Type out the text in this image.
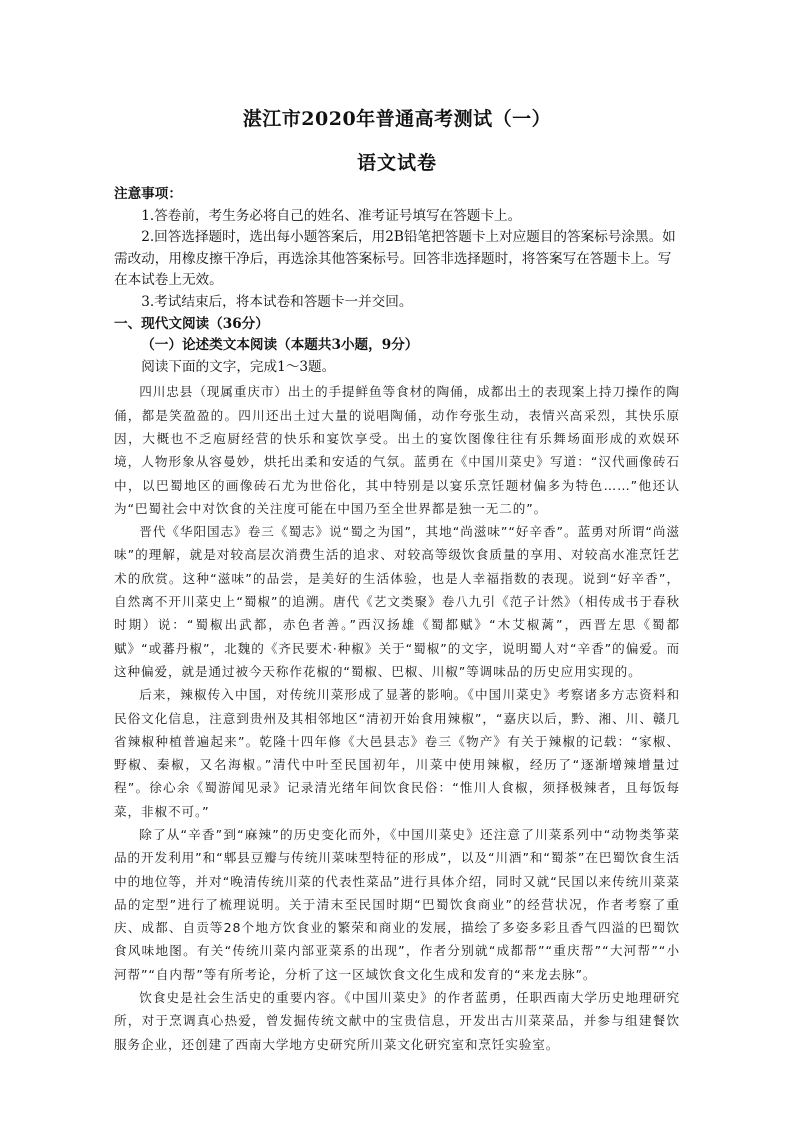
湛江市2020年普通高考测试（一）
语文试卷

注意事项：

1.答卷前，考生务必将自己的姓名、准考证号填写在答题卡上。

2.回答选择题时，选出每小题答案后，用2B铅笔把答题卡上对应题目的答案标号涂黑。如需改动，用橡皮擦干净后，再选涂其他答案标号。回答非选择题时，将答案写在答题卡上。写在本试卷上无效。

3.考试结束后，将本试卷和答题卡一并交回。

一、现代文阅读（36分）

（一）论述类文本阅读（本题共3小题，9分）

阅读下面的文字，完成1～3题。

四川忠县（现属重庆市）出土的手提鲜鱼等食材的陶俑，成都出土的表现案上持刀操作的陶俑，都是笑盈盈的。四川还出土过大量的说唱陶俑，动作夸张生动，表情兴高采烈，其快乐原因，大概也不乏庖厨经营的快乐和宴饮享受。出土的宴饮图像往往有乐舞场面形成的欢娱环境，人物形象从容曼妙，烘托出柔和安适的气氛。蓝勇在《中国川菜史》写道：“汉代画像砖石中，以巴蜀地区的画像砖石尤为世俗化，其中特别是以宴乐烹饪题材偏多为特色……”他还认为“巴蜀社会中对饮食的关注度可能在中国乃至全世界都是独一无二的”。

晋代《华阳国志》卷三《蜀志》说“蜀之为国”，其地“尚滋味”“好辛香”。蓝勇对所谓“尚滋味”的理解，就是对较高层次消费生活的追求、对较高等级饮食质量的享用、对较高水准烹饪艺术的欣赏。这种“滋味”的品尝，是美好的生活体验，也是人幸福指数的表现。说到“好辛香”，自然离不开川菜史上“蜀椒”的追溯。唐代《艺文类聚》卷八九引《范子计然》（相传成书于春秋时期）说：“蜀椒出武都，赤色者善。”西汉扬雄《蜀都赋》“木艾椒蓠”，西晋左思《蜀都赋》“或蕃丹椒”，北魏的《齐民要术·种椒》关于“蜀椒”的文字，说明蜀人对“辛香”的偏爱。而这种偏爱，就是通过被今天称作花椒的“蜀椒、巴椒、川椒”等调味品的历史应用实现的。

后来，辣椒传入中国，对传统川菜形成了显著的影响。《中国川菜史》考察诸多方志资料和民俗文化信息，注意到贵州及其相邻地区“清初开始食用辣椒”，“嘉庆以后，黔、湘、川、赣几省辣椒种植普遍起来”。乾隆十四年修《大邑县志》卷三《物产》有关于辣椒的记载：“家椒、野椒、秦椒，又名海椒。”清代中叶至民国初年，川菜中使用辣椒，经历了“逐渐增辣增量过程”。徐心余《蜀游闻见录》记录清光绪年间饮食民俗：“惟川人食椒，须择极辣者，且每饭每菜，非椒不可。”

除了从“辛香”到“麻辣”的历史变化而外，《中国川菜史》还注意了川菜系列中“动物类筝菜品的开发利用”和“郫县豆瓣与传统川菜味型特征的形成”，以及“川酒”和“蜀茶”在巴蜀饮食生活中的地位等，并对“晚清传统川菜的代表性菜品”进行具体介绍，同时又就“民国以来传统川菜菜品的定型”进行了梳理说明。关于清末至民国时期“巴蜀饮食商业”的经营状况，作者考察了重庆、成都、自贡等28个地方饮食业的繁荣和商业的发展，描绘了多姿多彩且香气四溢的巴蜀饮食风味地图。有关“传统川菜内部亚菜系的出现”，作者分别就“成都帮”“重庆帮”“大河帮”“小河帮”“自内帮”等有所考论，分析了这一区域饮食文化生成和发育的“来龙去脉”。

饮食史是社会生活史的重要内容。《中国川菜史》的作者蓝勇，任职西南大学历史地理研究所，对于烹调真心热爱，曾发掘传统文献中的宝贵信息，开发出古川菜菜品，并参与组建餐饮服务企业，还创建了西南大学地方史研究所川菜文化研究室和烹饪实验室。
